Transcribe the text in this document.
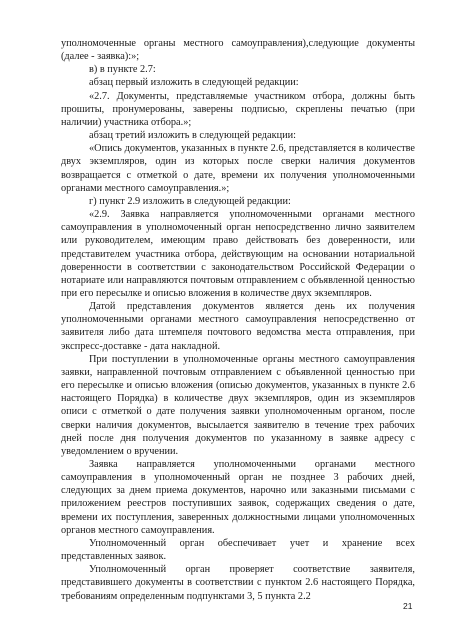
уполномоченные органы местного самоуправления),следующие документы (далее - заявка):»;

в) в пункте 2.7:

абзац первый изложить в следующей редакции:

«2.7. Документы, представляемые участником отбора, должны быть прошиты, пронумерованы, заверены подписью, скреплены печатью (при наличии) участника отбора.»;

абзац третий изложить в следующей редакции:

«Опись документов, указанных в пункте 2.6, представляется в количестве двух экземпляров, один из которых после сверки наличия документов возвращается с отметкой о дате, времени их получения уполномоченными органами местного самоуправления.»;

г) пункт 2.9 изложить в следующей редакции:

«2.9. Заявка направляется уполномоченными органами местного самоуправления в уполномоченный орган непосредственно лично заявителем или руководителем, имеющим право действовать без доверенности, или представителем участника отбора, действующим на основании нотариальной доверенности в соответствии с законодательством Российской Федерации о нотариате или направляются почтовым отправлением с объявленной ценностью при его пересылке и описью вложения в количестве двух экземпляров.

Датой представления документов является день их получения уполномоченными органами местного самоуправления непосредственно от заявителя либо дата штемпеля почтового ведомства места отправления, при экспресс-доставке - дата накладной.

При поступлении в уполномоченные органы местного самоуправления заявки, направленной почтовым отправлением с объявленной ценностью при его пересылке и описью вложения (описью документов, указанных в пункте 2.6 настоящего Порядка) в количестве двух экземпляров, один из экземпляров описи с отметкой о дате получения заявки уполномоченным органом, после сверки наличия документов, высылается заявителю в течение трех рабочих дней после дня получения документов по указанному в заявке адресу с уведомлением о вручении.

Заявка направляется уполномоченными органами местного самоуправления в уполномоченный орган не позднее 3 рабочих дней, следующих за днем приема документов, нарочно или заказными письмами с приложением реестров поступивших заявок, содержащих сведения о дате, времени их поступления, заверенных должностными лицами уполномоченных органов местного самоуправления.

Уполномоченный орган обеспечивает учет и хранение всех представленных заявок.

Уполномоченный орган проверяет соответствие заявителя, представившего документы в соответствии с пунктом 2.6 настоящего Порядка, требованиям определенным подпунктами 3, 5 пункта 2.2

21
